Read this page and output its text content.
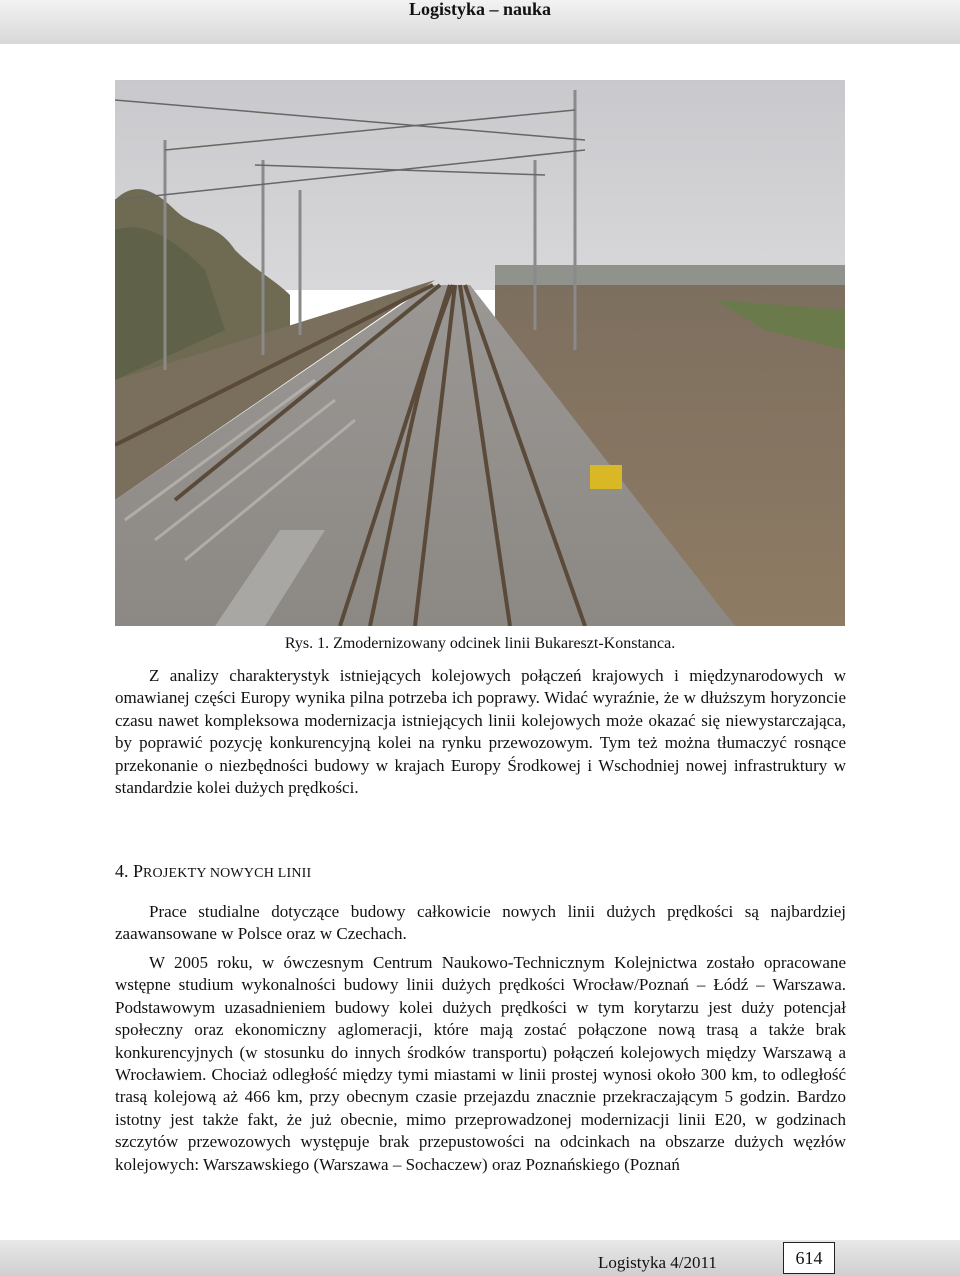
Logistyka – nauka
Rys. 1. Zmodernizowany odcinek linii Bukareszt-Konstanca.

Z analizy charakterystyk istniejących kolejowych połączeń krajowych i międzynarodowych w omawianej części Europy wynika pilna potrzeba ich poprawy. Widać wyraźnie, że w dłuższym horyzoncie czasu nawet kompleksowa modernizacja istniejących linii kolejowych może okazać się niewystarczająca, by poprawić pozycję konkurencyjną kolei na rynku przewozowym. Tym też można tłumaczyć rosnące przekonanie o niezbędności budowy w krajach Europy Środkowej i Wschodniej nowej infrastruktury w standardzie kolei dużych prędkości.

4. PROJEKTY NOWYCH LINII

Prace studialne dotyczące budowy całkowicie nowych linii dużych prędkości są najbardziej zaawansowane w Polsce oraz w Czechach.

W 2005 roku, w ówczesnym Centrum Naukowo-Technicznym Kolejnictwa zostało opracowane wstępne studium wykonalności budowy linii dużych prędkości Wrocław/Poznań – Łódź – Warszawa. Podstawowym uzasadnieniem budowy kolei dużych prędkości w tym korytarzu jest duży potencjał społeczny oraz ekonomiczny aglomeracji, które mają zostać połączone nową trasą a także brak konkurencyjnych (w stosunku do innych środków transportu) połączeń kolejowych między Warszawą a Wrocławiem. Chociaż odległość między tymi miastami w linii prostej wynosi około 300 km, to odległość trasą kolejową aż 466 km, przy obecnym czasie przejazdu znacznie przekraczającym 5 godzin. Bardzo istotny jest także fakt, że już obecnie, mimo przeprowadzonej modernizacji linii E20, w godzinach szczytów przewozowych występuje brak przepustowości na odcinkach na obszarze dużych węzłów kolejowych: Warszawskiego (Warszawa – Sochaczew) oraz Poznańskiego (Poznań

Logistyka 4/2011	614
